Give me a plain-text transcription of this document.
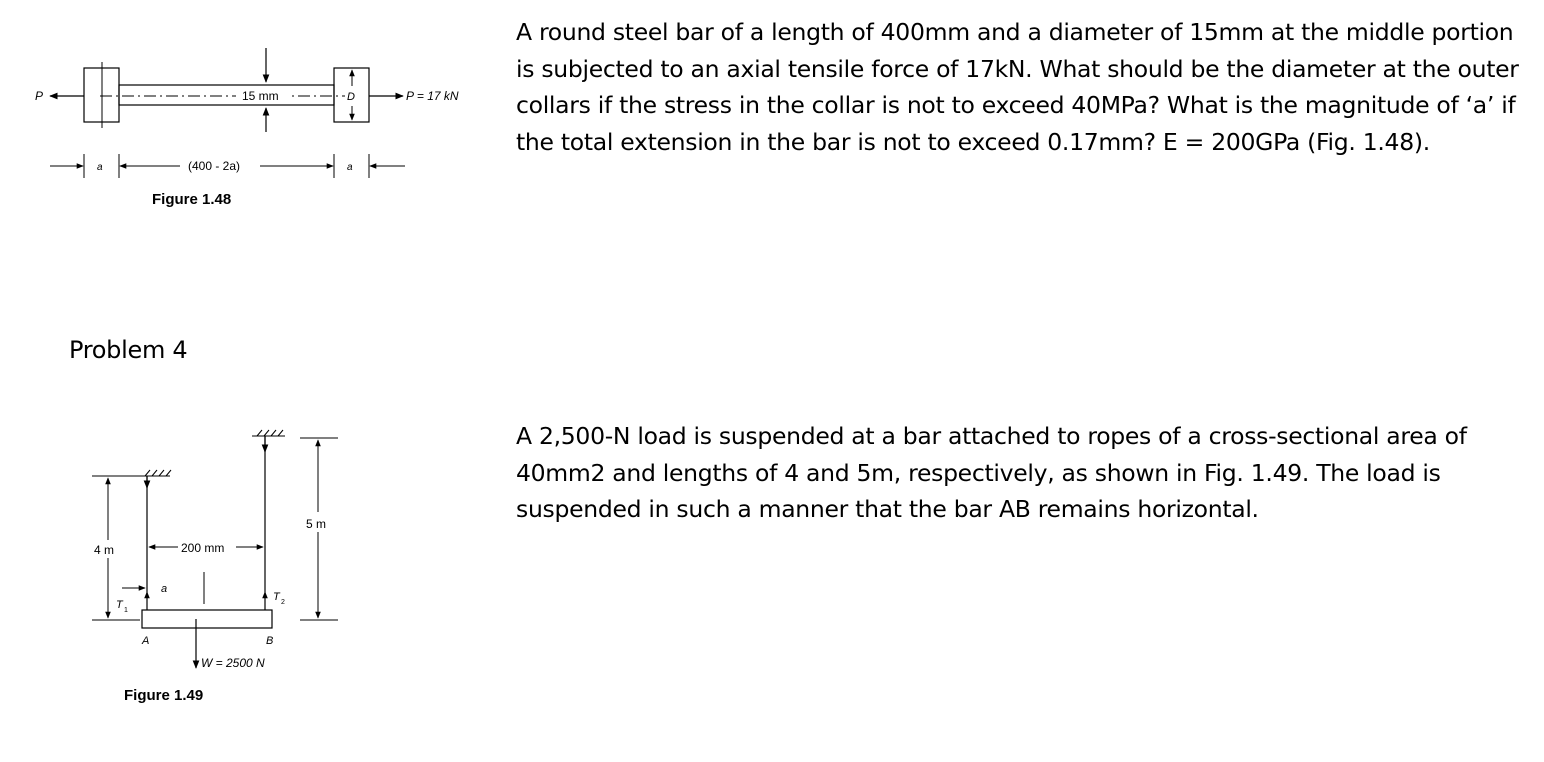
P	15 mm	D	P = 17 kN
a	(400 - 2a)	a
Figure 1.48

A round steel bar of a length of 400mm and a diameter of 15mm at the middle portion is subjected to an axial tensile force of 17kN. What should be the diameter at the outer collars if the stress in the collar is not to exceed 40MPa? What is the magnitude of ‘a’ if the total extension in the bar is not to exceed 0.17mm? E = 200GPa (Fig. 1.48).

Problem 4

A 2,500-N load is suspended at a bar attached to ropes of a cross-sectional area of 40mm2 and lengths of 4 and 5m, respectively, as shown in Fig. 1.49. The load is suspended in such a manner that the bar AB remains horizontal.

4 m
5 m
200 mm
a
T 1
T 2
A	B
W = 2500 N
Figure 1.49
